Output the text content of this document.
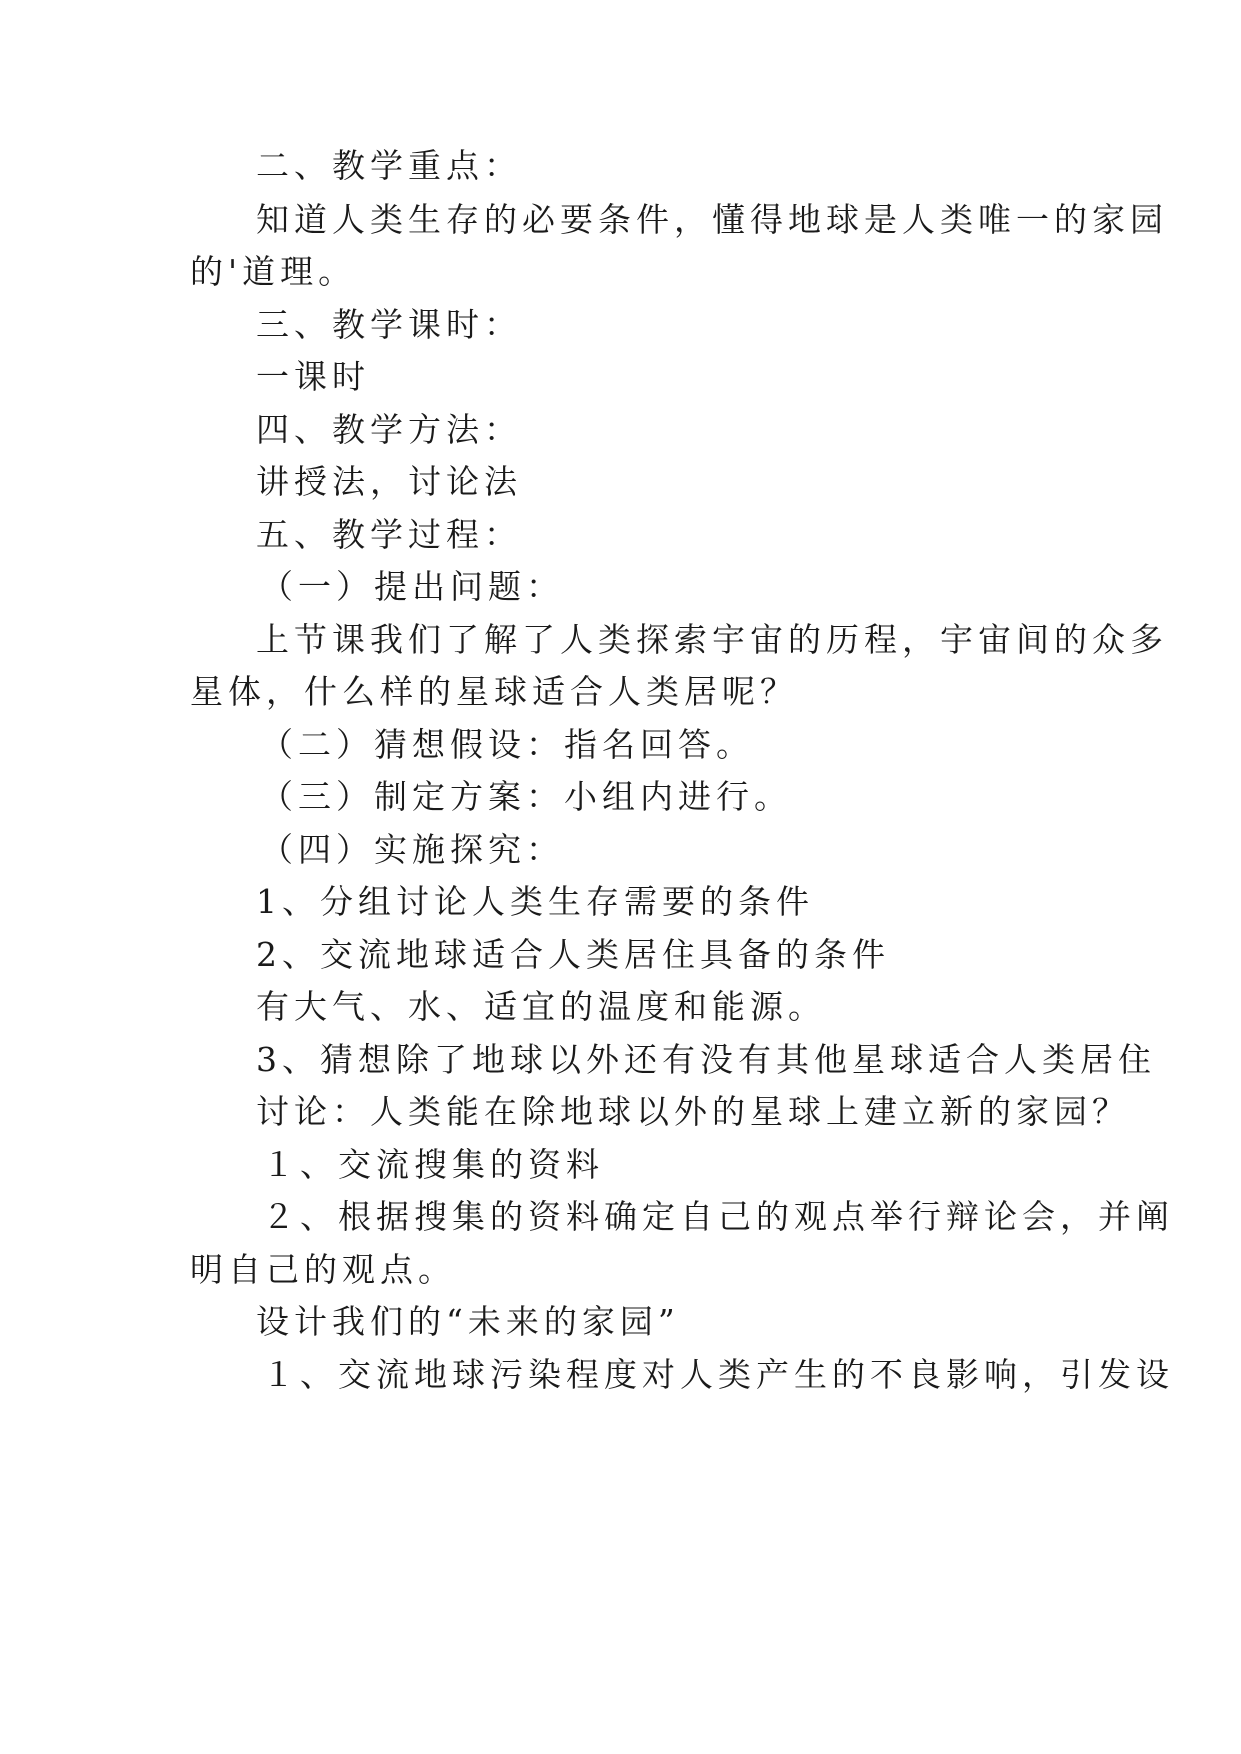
二、教学重点：
知道人类生存的必要条件，懂得地球是人类唯一的家园
的'道理。
三、教学课时：
一课时
四、教学方法：
讲授法，讨论法
五、教学过程：
（一）提出问题：
上节课我们了解了人类探索宇宙的历程，宇宙间的众多
星体，什么样的星球适合人类居呢？
（二）猜想假设：指名回答。
（三）制定方案：小组内进行。
（四）实施探究：
1、分组讨论人类生存需要的条件
2、交流地球适合人类居住具备的条件
有大气、水、适宜的温度和能源。
3、猜想除了地球以外还有没有其他星球适合人类居住
讨论：人类能在除地球以外的星球上建立新的家园？
１、交流搜集的资料
２、根据搜集的资料确定自己的观点举行辩论会，并阐
明自己的观点。
设计我们的“未来的家园”
１、交流地球污染程度对人类产生的不良影响，引发设
